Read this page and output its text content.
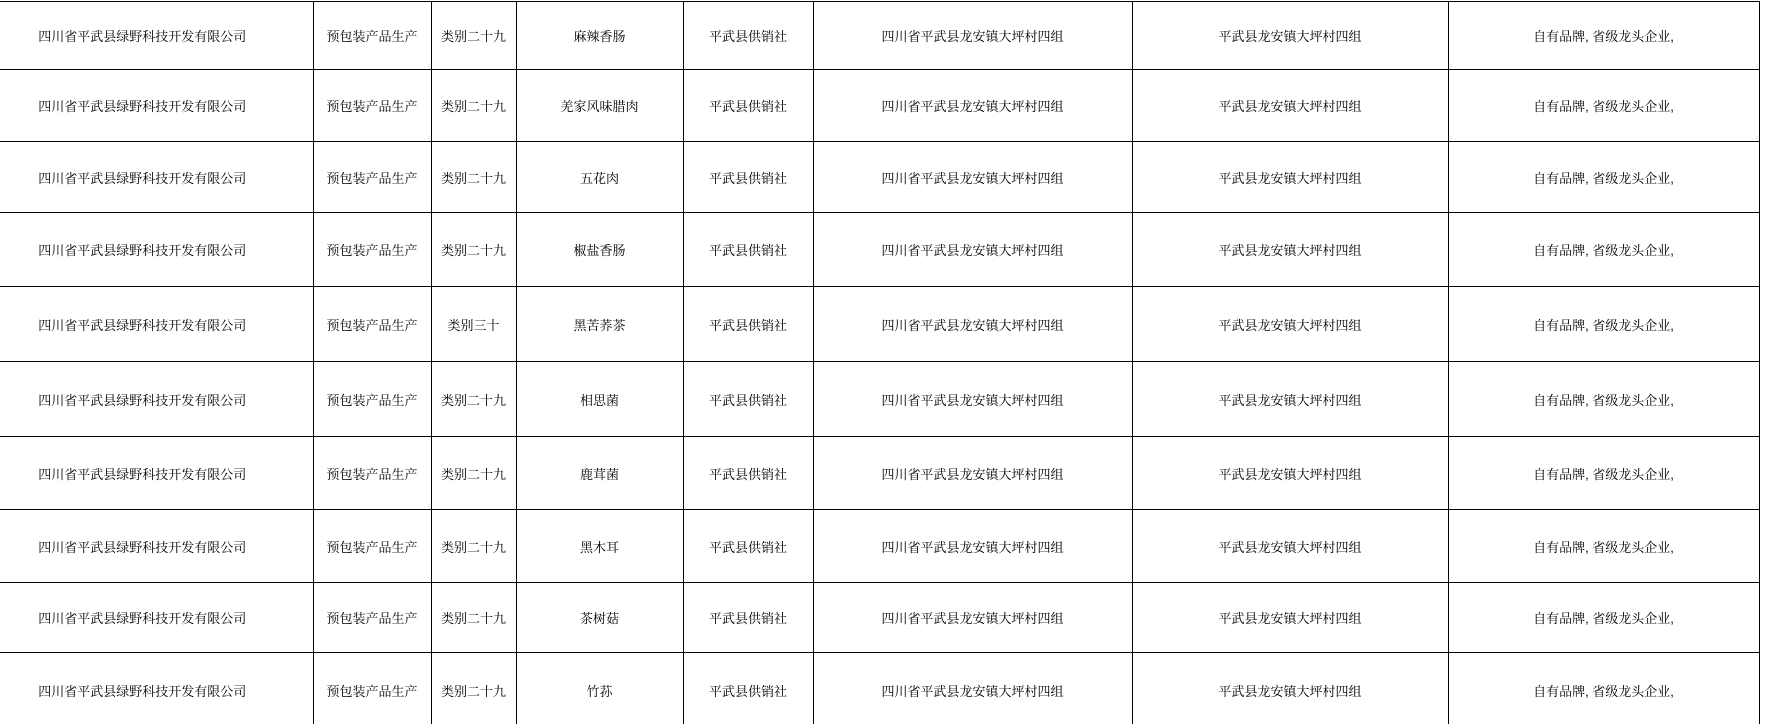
四川省平武县绿野科技开发有限公司	预包装产品生产	类别二十九	麻辣香肠	平武县供销社	四川省平武县龙安镇大坪村四组	平武县龙安镇大坪村四组	自有品牌, 省级龙头企业,
四川省平武县绿野科技开发有限公司	预包装产品生产	类别二十九	羌家风味腊肉	平武县供销社	四川省平武县龙安镇大坪村四组	平武县龙安镇大坪村四组	自有品牌, 省级龙头企业,
四川省平武县绿野科技开发有限公司	预包装产品生产	类别二十九	五花肉	平武县供销社	四川省平武县龙安镇大坪村四组	平武县龙安镇大坪村四组	自有品牌, 省级龙头企业,
四川省平武县绿野科技开发有限公司	预包装产品生产	类别二十九	椒盐香肠	平武县供销社	四川省平武县龙安镇大坪村四组	平武县龙安镇大坪村四组	自有品牌, 省级龙头企业,
四川省平武县绿野科技开发有限公司	预包装产品生产	类别三十	黑苦荞茶	平武县供销社	四川省平武县龙安镇大坪村四组	平武县龙安镇大坪村四组	自有品牌, 省级龙头企业,
四川省平武县绿野科技开发有限公司	预包装产品生产	类别二十九	相思菌	平武县供销社	四川省平武县龙安镇大坪村四组	平武县龙安镇大坪村四组	自有品牌, 省级龙头企业,
四川省平武县绿野科技开发有限公司	预包装产品生产	类别二十九	鹿茸菌	平武县供销社	四川省平武县龙安镇大坪村四组	平武县龙安镇大坪村四组	自有品牌, 省级龙头企业,
四川省平武县绿野科技开发有限公司	预包装产品生产	类别二十九	黑木耳	平武县供销社	四川省平武县龙安镇大坪村四组	平武县龙安镇大坪村四组	自有品牌, 省级龙头企业,
四川省平武县绿野科技开发有限公司	预包装产品生产	类别二十九	茶树菇	平武县供销社	四川省平武县龙安镇大坪村四组	平武县龙安镇大坪村四组	自有品牌, 省级龙头企业,
四川省平武县绿野科技开发有限公司	预包装产品生产	类别二十九	竹荪	平武县供销社	四川省平武县龙安镇大坪村四组	平武县龙安镇大坪村四组	自有品牌, 省级龙头企业,
